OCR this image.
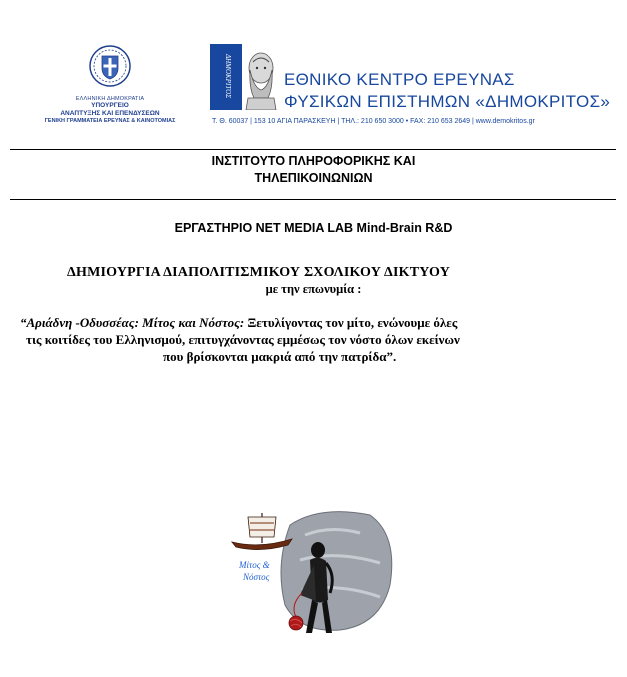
ΕΛΛΗΝΙΚΗ ΔΗΜΟΚΡΑΤΙΑ
ΥΠΟΥΡΓΕΙΟ
ΑΝΑΠΤΥΞΗΣ ΚΑΙ ΕΠΕΝΔΥΣΕΩΝ
ΓΕΝΙΚΗ ΓΡΑΜΜΑΤΕΙΑ ΕΡΕΥΝΑΣ & ΚΑΙΝΟΤΟΜΙΑΣ
ΔΗΜΟΚΡΙΤΟΣ	ΕΘΝΙΚΟ ΚΕΝΤΡΟ ΕΡΕΥΝΑΣ
ΦΥΣΙΚΩΝ ΕΠΙΣΤΗΜΩΝ «ΔΗΜΟΚΡΙΤΟΣ»
Τ. Θ. 60037 | 153 10 ΑΓΙΑ ΠΑΡΑΣΚΕΥΗ | ΤΗΛ.: 210 650 3000 • FAX: 210 653 2649 | www.demokritos.gr
ΙΝΣΤΙΤΟΥΤΟ ΠΛΗΡΟΦΟΡΙΚΗΣ ΚΑΙ
ΤΗΛΕΠΙΚΟΙΝΩΝΙΩΝ
ΕΡΓΑΣΤΗΡΙΟ NET MEDIA LAB Mind-Brain R&D
ΔΗΜΙΟΥΡΓΙΑ ΔΙΑΠΟΛΙΤΙΣΜΙΚΟΥ ΣΧΟΛΙΚΟΥ ΔΙΚΤΥΟΥ
με την επωνυμία :
“Αριάδνη -Οδυσσέας: Μίτος και Νόστος: Ξετυλίγοντας τον μίτο, ενώνουμε όλες
τις κοιτίδες του Ελληνισμού, επιτυγχάνοντας εμμέσως τον νόστο όλων εκείνων
που βρίσκονται μακριά από την πατρίδα”.
Μίτος &
Νόστος
